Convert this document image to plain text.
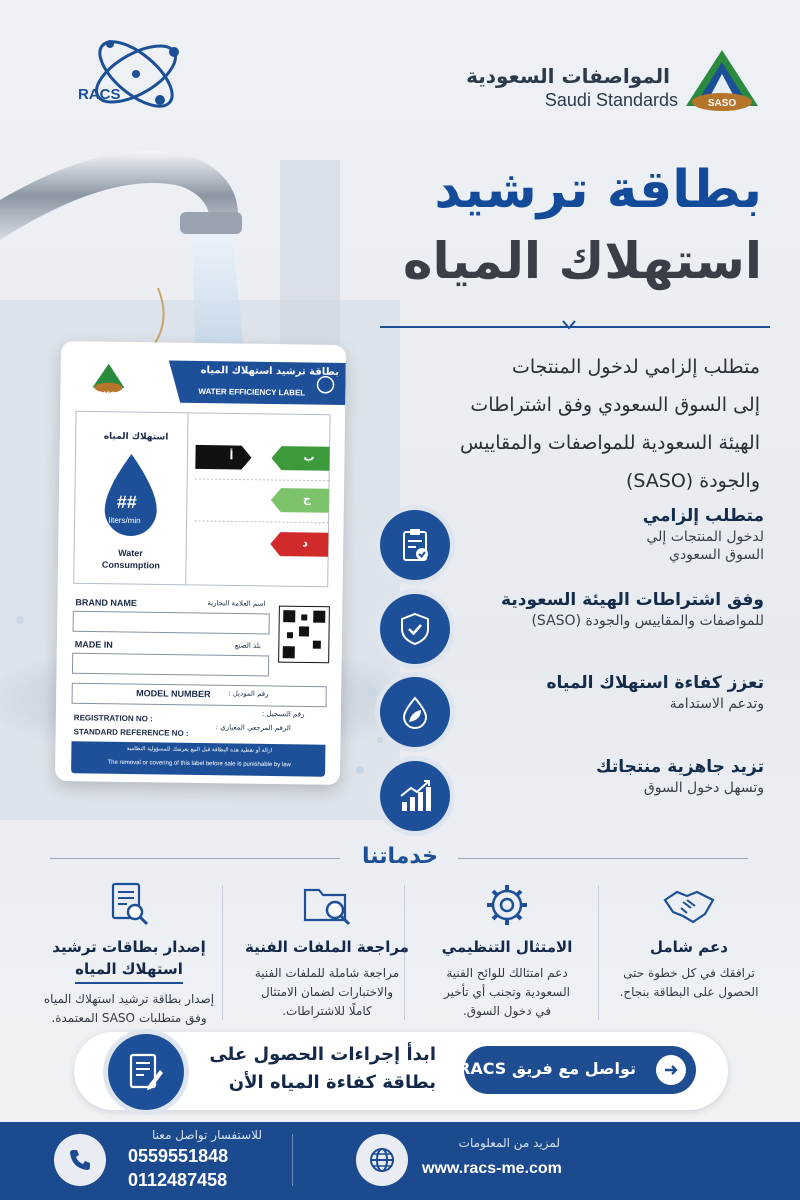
RACS
المواصفات السعودية
Saudi Standards	SASO
بطاقة ترشيد استهلاك المياه
WATER EFFICIENCY LABEL
SASO
استهلاك المياه
##
liters/min
Water
Consumption
أ	ب
ج
د
BRAND NAME	اسم العلامة التجارية
MADE IN	بلد الصنع
MODEL NUMBER	رقم الموديل :
REGISTRATION NO :	رقم التسجيل :
STANDARD REFERENCE NO :	الرقم المرجعي المعياري :
ازالة أو تغطية هذه البطاقة قبل البيع يعرضك للمسؤولية النظامية
The removal or covering of this label before sale is punishable by law
بطاقة ترشيد
استهلاك المياه
متطلب إلزامي لدخول المنتجات
إلى السوق السعودي وفق اشتراطات
الهيئة السعودية للمواصفات والمقاييس
والجودة (SASO)
متطلب إلزامي
لدخول المنتجات إلي
السوق السعودي
وفق اشتراطات الهيئة السعودية
للمواصفات والمقاييس والجودة (SASO)
تعزز كفاءة استهلاك المياه
وتدعم الاستدامة
تزيد جاهزية منتجاتك
وتسهل دخول السوق
خدماتنا
دعم شامل
ترافقك في كل خطوة حتى
الحصول على البطاقة بنجاح.
الامتثال التنظيمي
دعم امتثالك للوائح الفنية
السعودية وتجنب أي تأخير
في دخول السوق.
مراجعة الملفات الفنية
مراجعة شاملة للملفات الفنية
والاختبارات لضمان الامتثال
كاملًا للاشتراطات.
إصدار بطاقات ترشيد
استهلاك المياه
إصدار بطاقة ترشيد استهلاك المياه
وفق متطلبات SASO المعتمدة.
ابدأ إجراءات الحصول على
بطاقة كفاءة المياه الأن
تواصل مع فريق RACS
للاستفسار تواصل معنا
0559551848
0112487458
لمزيد من المعلومات
www.racs-me.com
